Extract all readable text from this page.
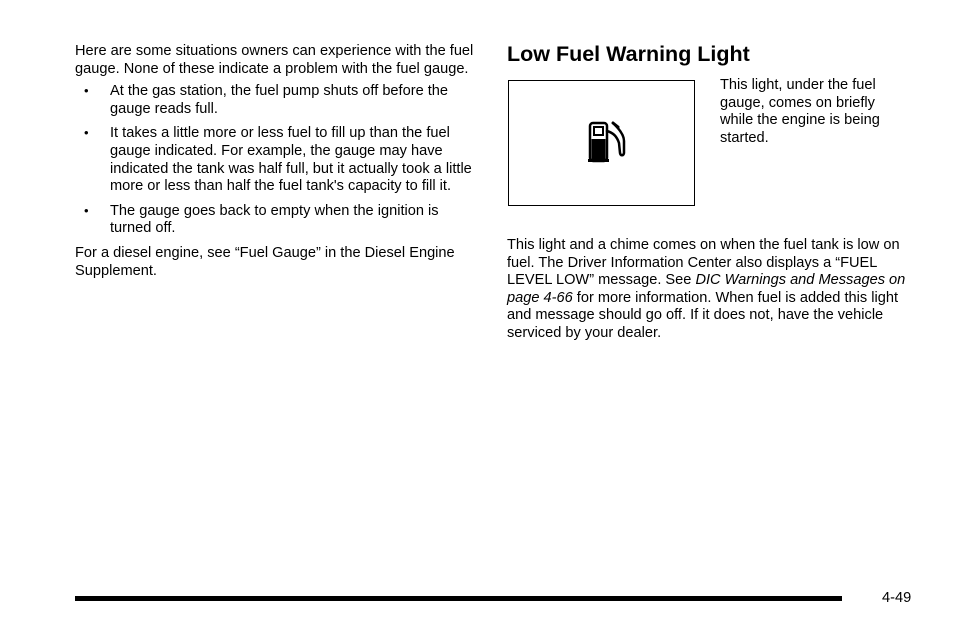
Here are some situations owners can experience with the fuel gauge. None of these indicate a problem with the fuel gauge.

• At the gas station, the fuel pump shuts off before the gauge reads full.
• It takes a little more or less fuel to fill up than the fuel gauge indicated. For example, the gauge may have indicated the tank was half full, but it actually took a little more or less than half the fuel tank's capacity to fill it.
• The gauge goes back to empty when the ignition is turned off.

For a diesel engine, see “Fuel Gauge” in the Diesel Engine Supplement.

Low Fuel Warning Light

This light, under the fuel gauge, comes on briefly while the engine is being started.

This light and a chime comes on when the fuel tank is low on fuel. The Driver Information Center also displays a “FUEL LEVEL LOW” message. See DIC Warnings and Messages on page 4-66 for more information. When fuel is added this light and message should go off. If it does not, have the vehicle serviced by your dealer.

4-49
